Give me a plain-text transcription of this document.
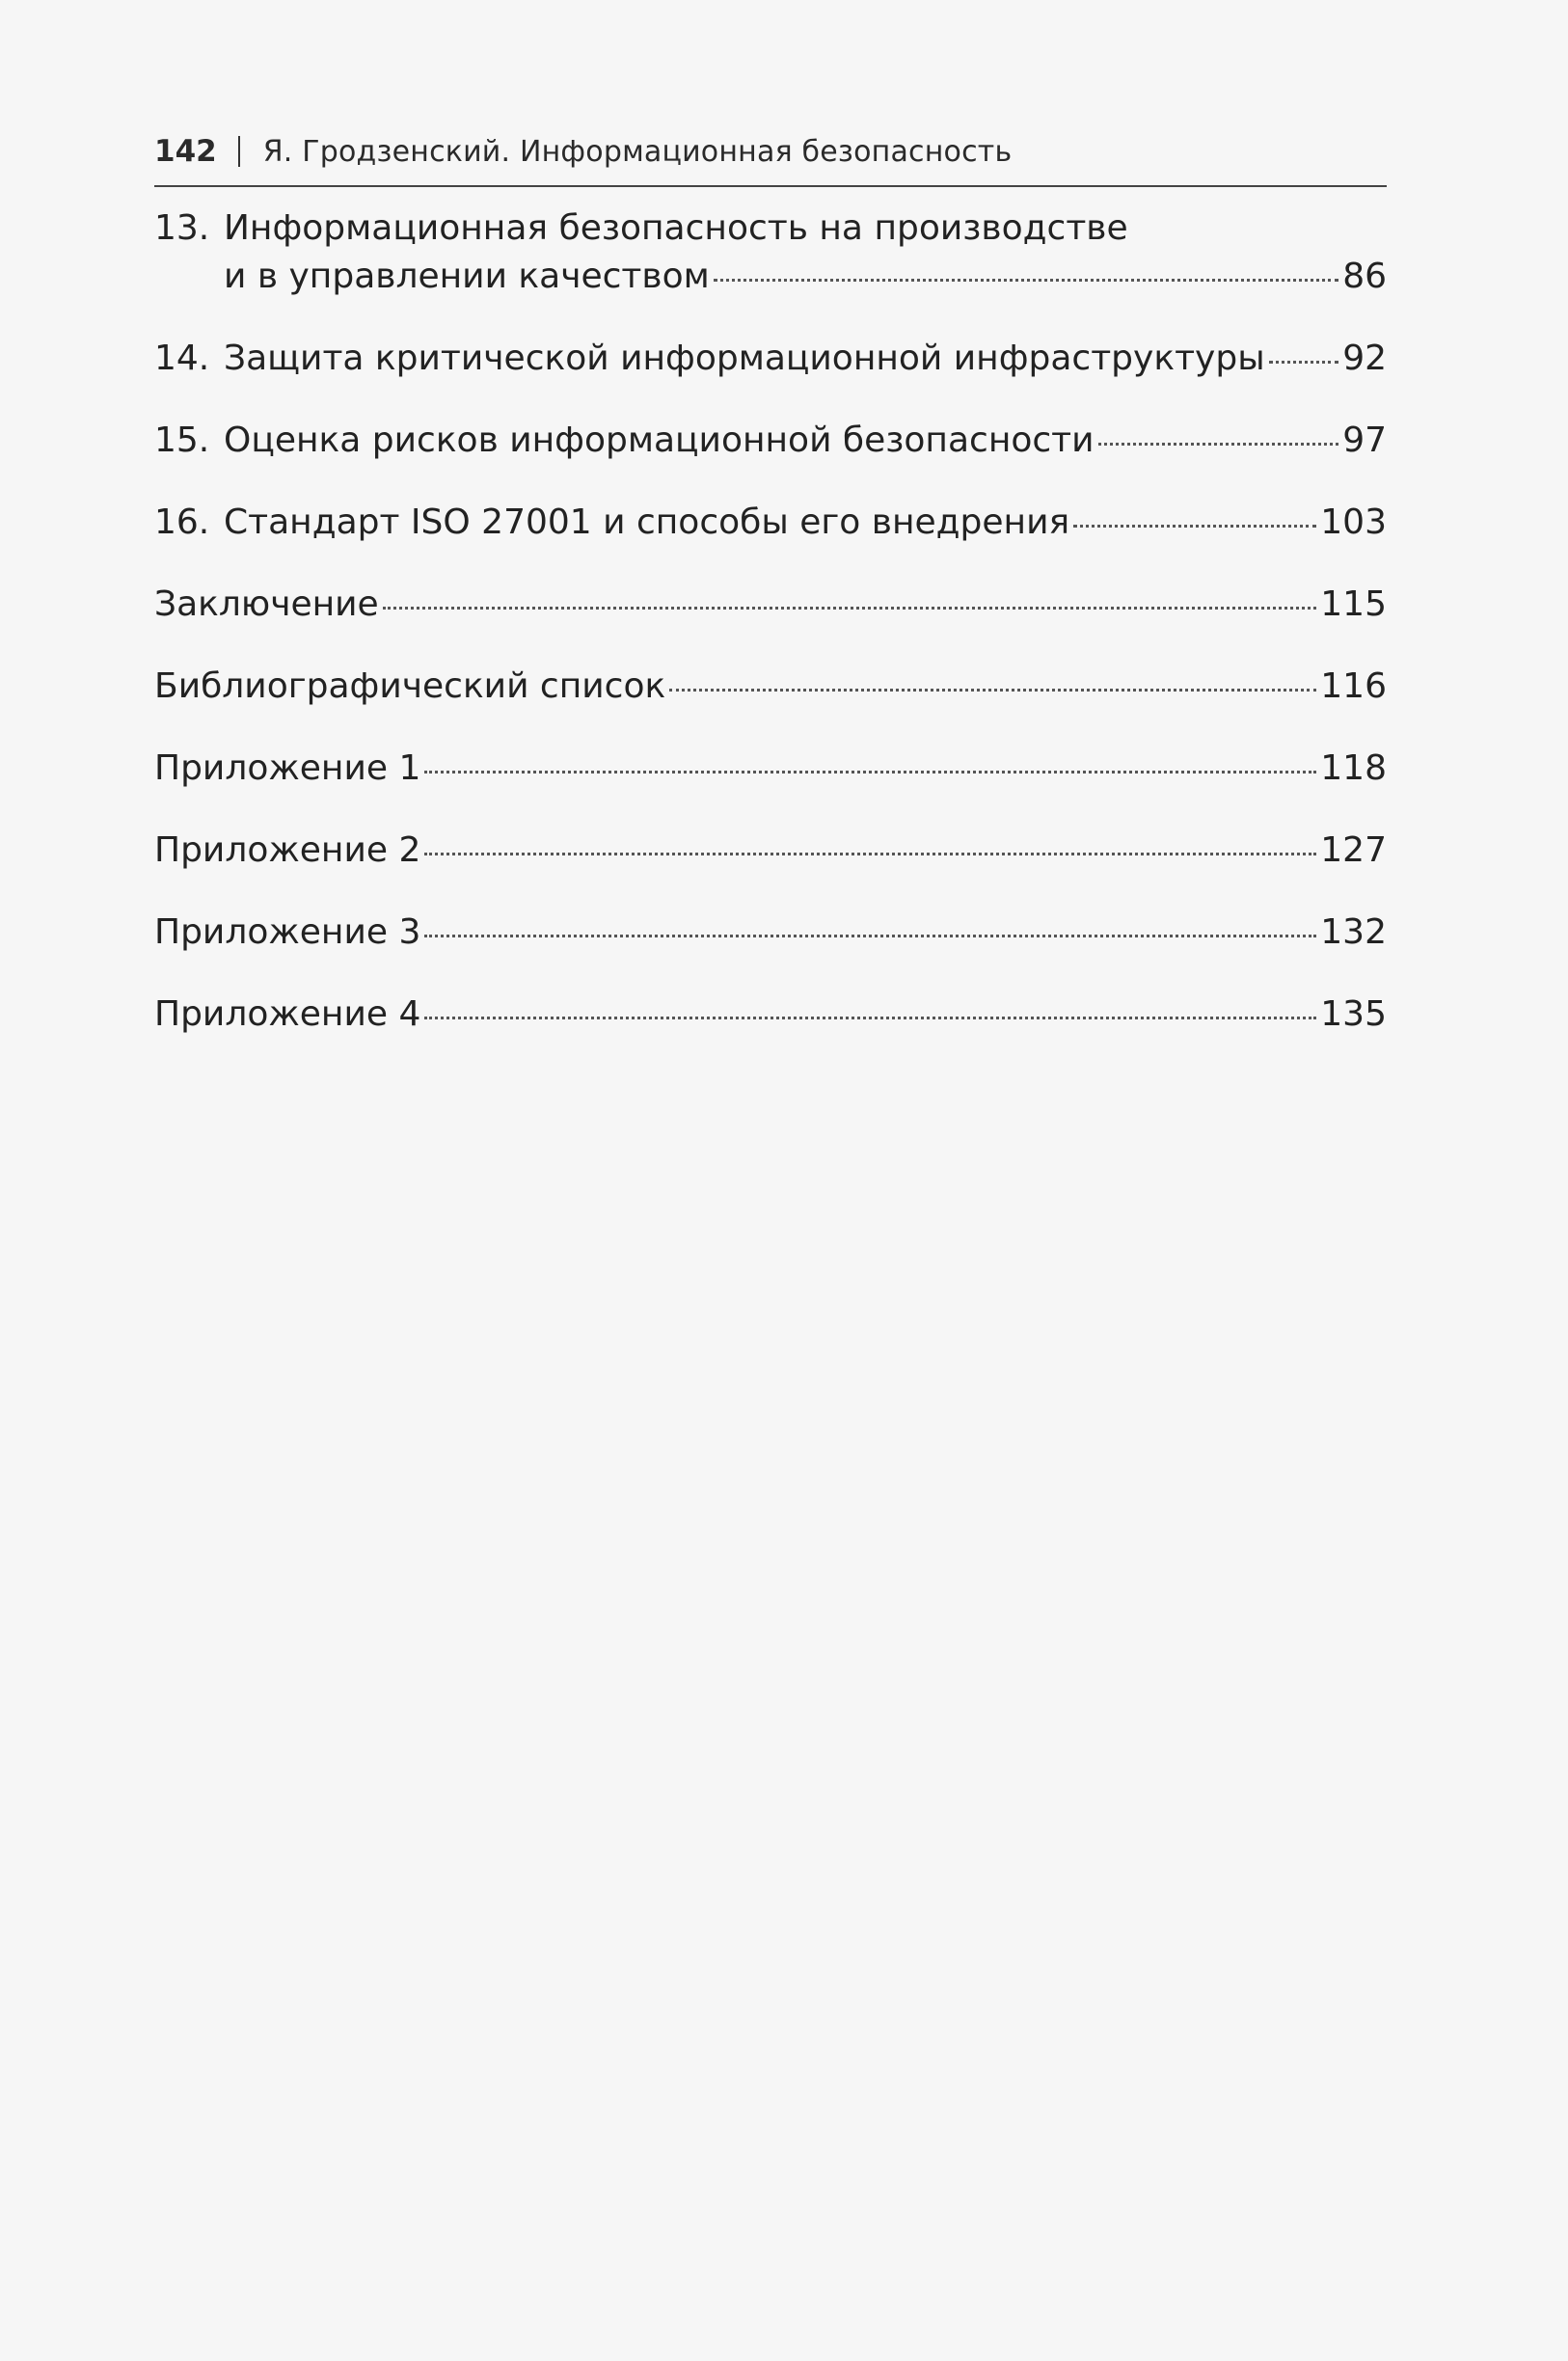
142 Я. Гродзенский. Информационная безопасность
13. Информационная безопасность на производстве
и в управлении качеством	86
14. Защита критической информационной инфраструктуры 92
15. Оценка рисков информационной безопасности	97
16. Стандарт ISO 27001 и способы его внедрения	103
Заключение	115
Библиографический список	116
Приложение 1	118
Приложение 2	127
Приложение 3	132
Приложение 4	135
